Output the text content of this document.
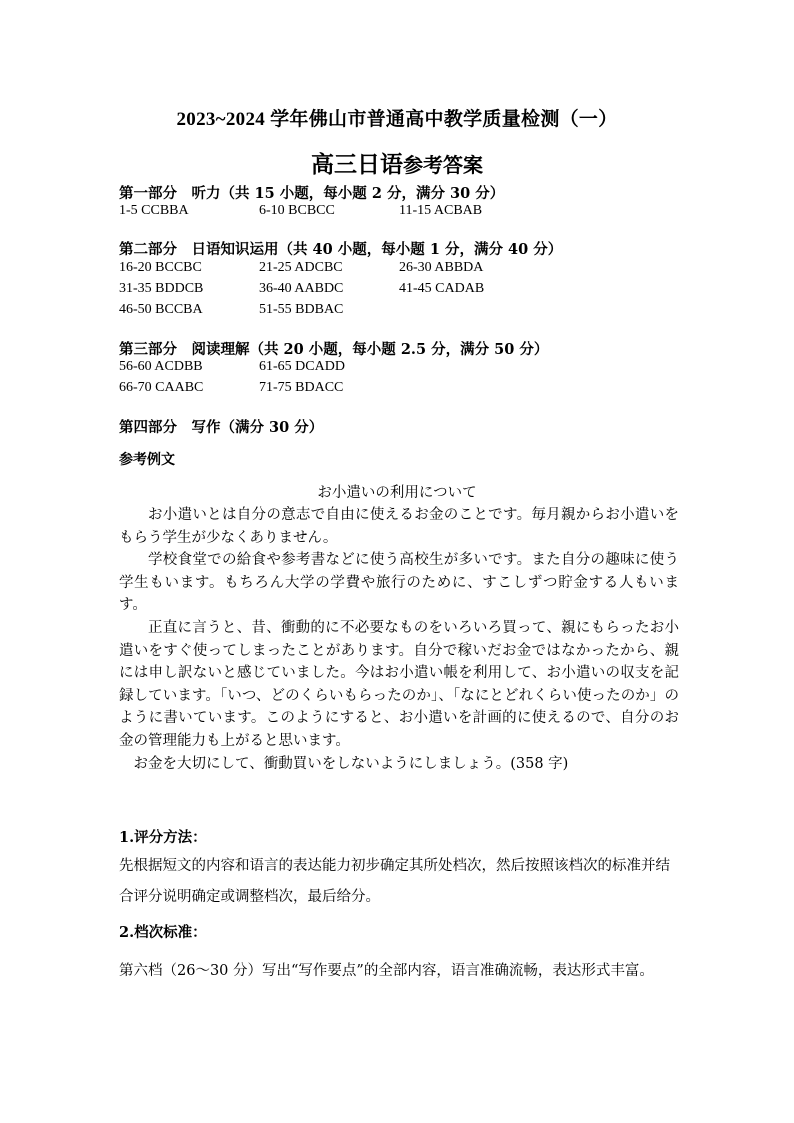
2023~2024 学年佛山市普通高中教学质量检测（一）
高三日语参考答案
第一部分　听力（共 15 小题，每小题 2 分，满分 30 分）
1-5 CCBBA	6-10 BCBCC	11-15 ACBAB
第二部分　日语知识运用（共 40 小题，每小题 1 分，满分 40 分）
16-20 BCCBC	21-25 ADCBC	26-30 ABBDA
31-35 BDDCB	36-40 AABDC	41-45 CADAB
46-50 BCCBA	51-55 BDBAC
第三部分　阅读理解（共 20 小题，每小题 2.5 分，满分 50 分）
56-60 ACDBB	61-65 DCADD
66-70 CAABC	71-75 BDACC
第四部分　写作（满分 30 分）
参考例文
お小遣いの利用について

お小遣いとは自分の意志で自由に使えるお金のことです。毎月親からお小遣いをもらう学生が少なくありません。

学校食堂での給食や参考書などに使う高校生が多いです。また自分の趣味に使う学生もいます。もちろん大学の学費や旅行のために、すこしずつ貯金する人もいます。

正直に言うと、昔、衝動的に不必要なものをいろいろ買って、親にもらったお小遣いをすぐ使ってしまったことがあります。自分で稼いだお金ではなかったから、親には申し訳ないと感じていました。今はお小遣い帳を利用して、お小遣いの収支を記録しています。「いつ、どのくらいもらったのか」、「なにとどれくらい使ったのか」のように書いています。このようにすると、お小遣いを計画的に使えるので、自分のお金の管理能力も上がると思います。

お金を大切にして、衝動買いをしないようにしましょう。(358 字)

1.评分方法：
先根据短文的内容和语言的表达能力初步确定其所处档次，然后按照该档次的标准并结合评分说明确定或调整档次，最后给分。
2.档次标准：
第六档（26～30 分）写出“写作要点”的全部内容，语言准确流畅，表达形式丰富。
